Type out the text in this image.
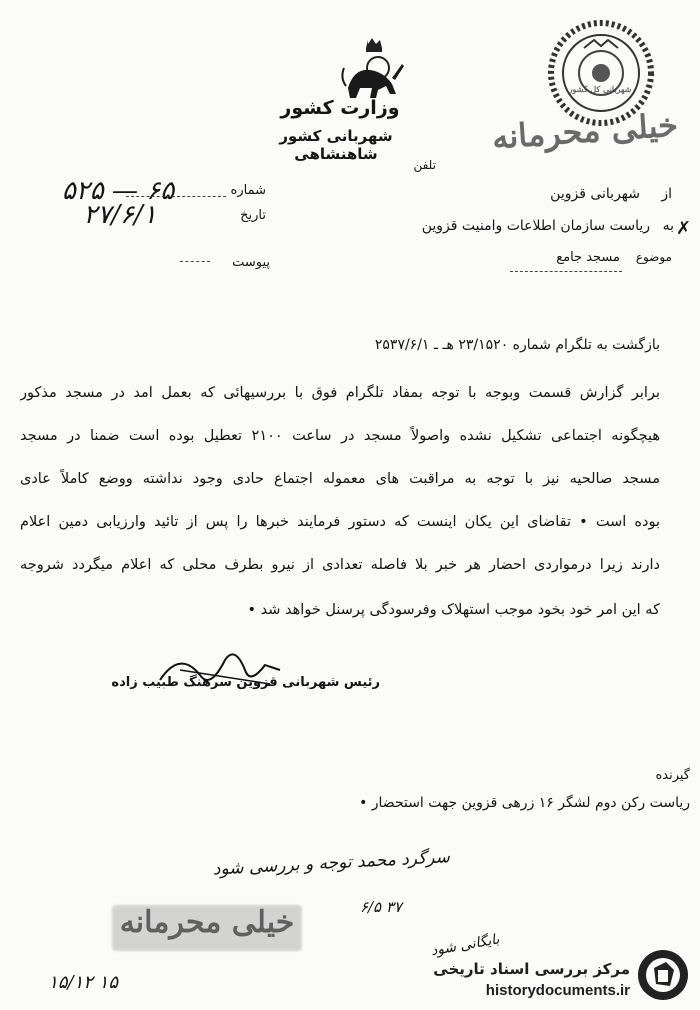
وزارت کشور
شهربانی کشور شاهنشاهی
تلفن
شهربانی کل کشور
خیلی محرمانه
شماره
۵۲۵ — ۶۵
تاریخ
۲۷/۶/۱
پیوست
از
شهربانی قزوین
✗
به
ریاست سازمان اطلاعات وامنیت قزوین
موضوع
مسجد جامع
بازگشت به تلگرام شماره ۲۳/۱۵۲۰ هـ ـ ۲۵۳۷/۶/۱
برابر گزارش قسمت وبوجه با توجه بمفاد تلگرام فوق با بررسیهائی که بعمل امد در مسجد مذکور
هیچگونه اجتماعی تشکیل نشده واصولاً مسجد در ساعت ۲۱۰۰ تعطیل بوده است ضمنا در مسجد
مسجد صالحیه نیز با توجه به مراقبت های معموله اجتماع حادی وجود نداشته ووضع کاملاً عادی
بوده است • تقاضای این یکان اینست که دستور فرمایند خبرها را پس از تائید وارزیابی دمین اعلام
دارند زیرا درمواردی احضار هر خبر بلا فاصله تعدادی از نیرو بطرف محلی که اعلام میگردد شروجه
که این امر خود بخود موجب استهلاک وفرسودگی پرسنل خواهد شد •
رئیس شهربانی قزوین سرهنگ طبیب زاده
گیرنده
ریاست رکن دوم لشگر ۱۶ زرهی قزوین جهت استحضار •
سرگرد محمد توجه و بررسی شود
۶/۵ ۳۷
خیلی محرمانه
بایگانی شود
۱۵/۱۲ ۱۵
مرکز بررسی اسناد تاریخی
historydocuments.ir
